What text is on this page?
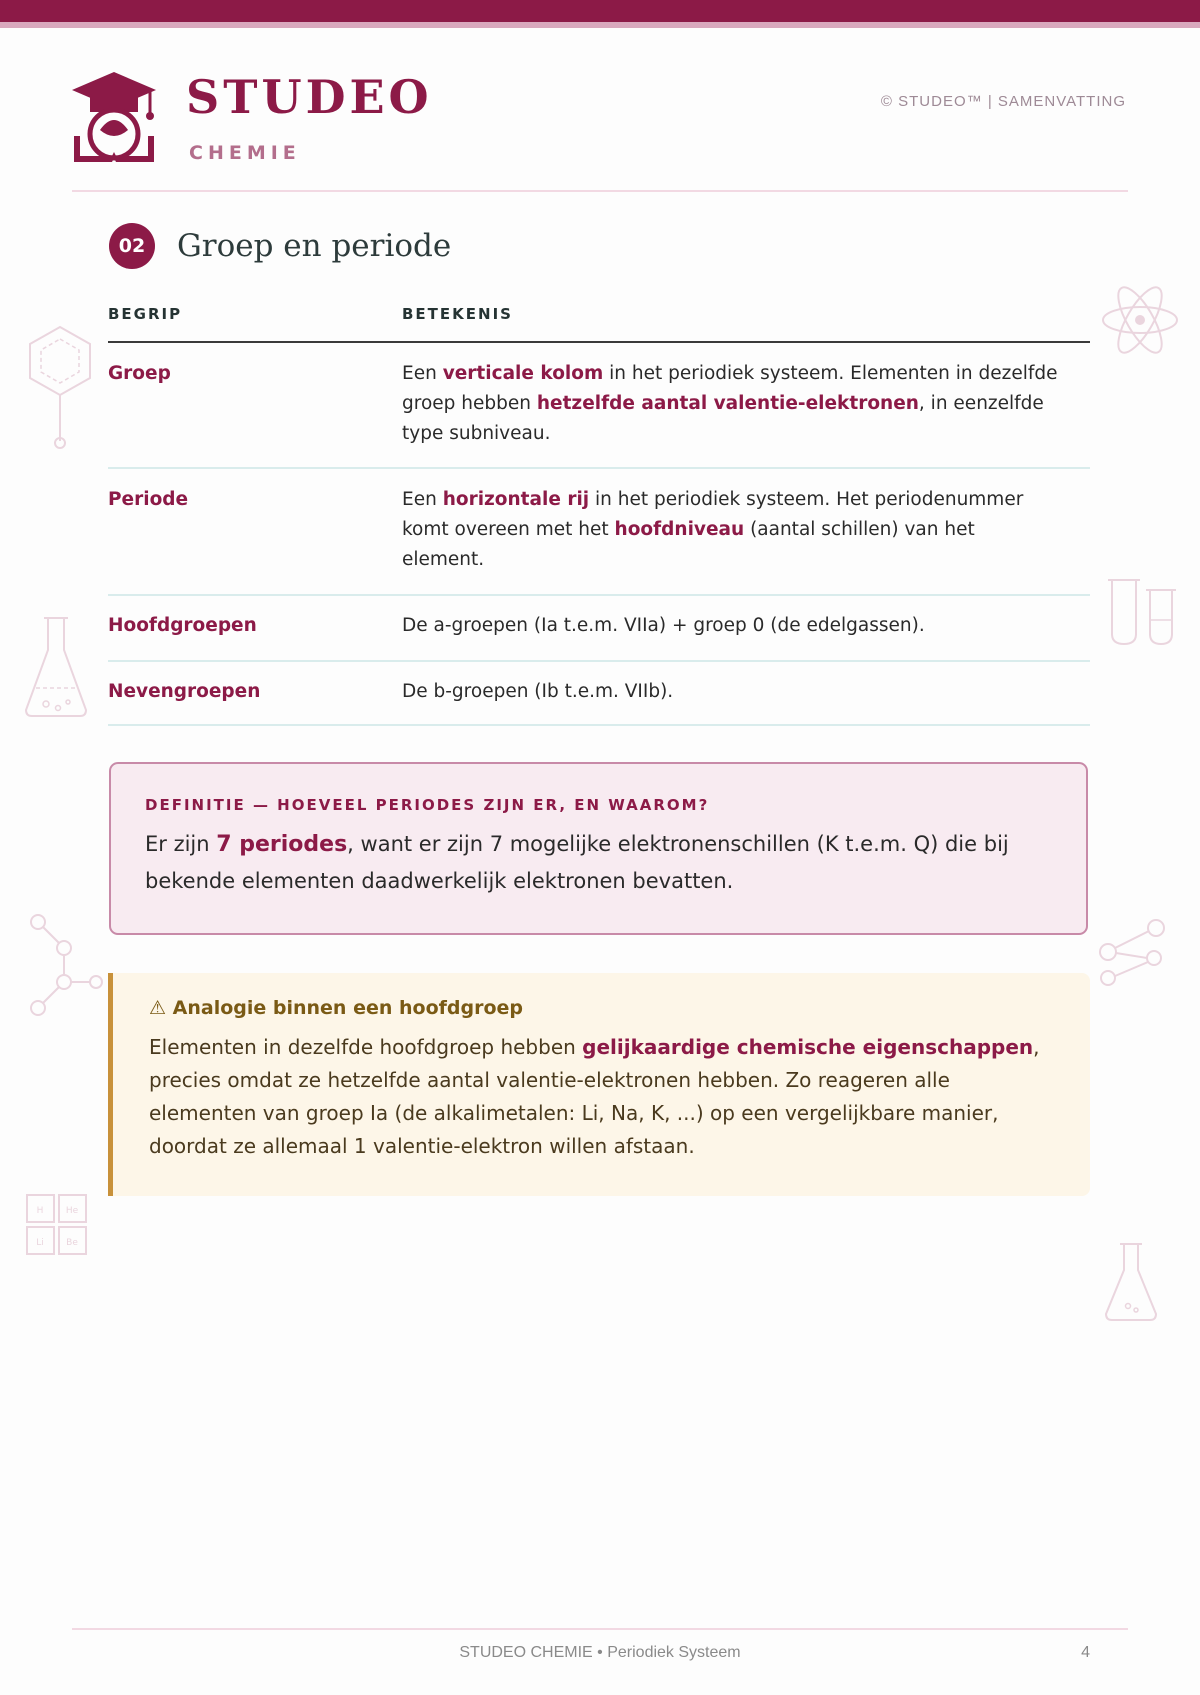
STUDEO
CHEMIE
© STUDEO™ | SAMENVATTING
02	Groep en periode
BEGRIP	BETEKENIS
Groep	Een verticale kolom in het periodiek systeem. Elementen in dezelfde groep hebben hetzelfde aantal valentie-elektronen, in eenzelfde type subniveau.
Periode	Een horizontale rij in het periodiek systeem. Het periodenummer komt overeen met het hoofdniveau (aantal schillen) van het element.
Hoofdgroepen	De a-groepen (Ia t.e.m. VIIa) + groep 0 (de edelgassen).
Nevengroepen	De b-groepen (Ib t.e.m. VIIb).
DEFINITIE — HOEVEEL PERIODES ZIJN ER, EN WAAROM?
Er zijn 7 periodes, want er zijn 7 mogelijke elektronenschillen (K t.e.m. Q) die bij bekende elementen daadwerkelijk elektronen bevatten.
⚠ Analogie binnen een hoofdgroep
Elementen in dezelfde hoofdgroep hebben gelijkaardige chemische eigenschappen, precies omdat ze hetzelfde aantal valentie-elektronen hebben. Zo reageren alle elementen van groep Ia (de alkalimetalen: Li, Na, K, ...) op een vergelijkbare manier, doordat ze allemaal 1 valentie-elektron willen afstaan.
H He
Li Be
STUDEO CHEMIE • Periodiek Systeem	4
